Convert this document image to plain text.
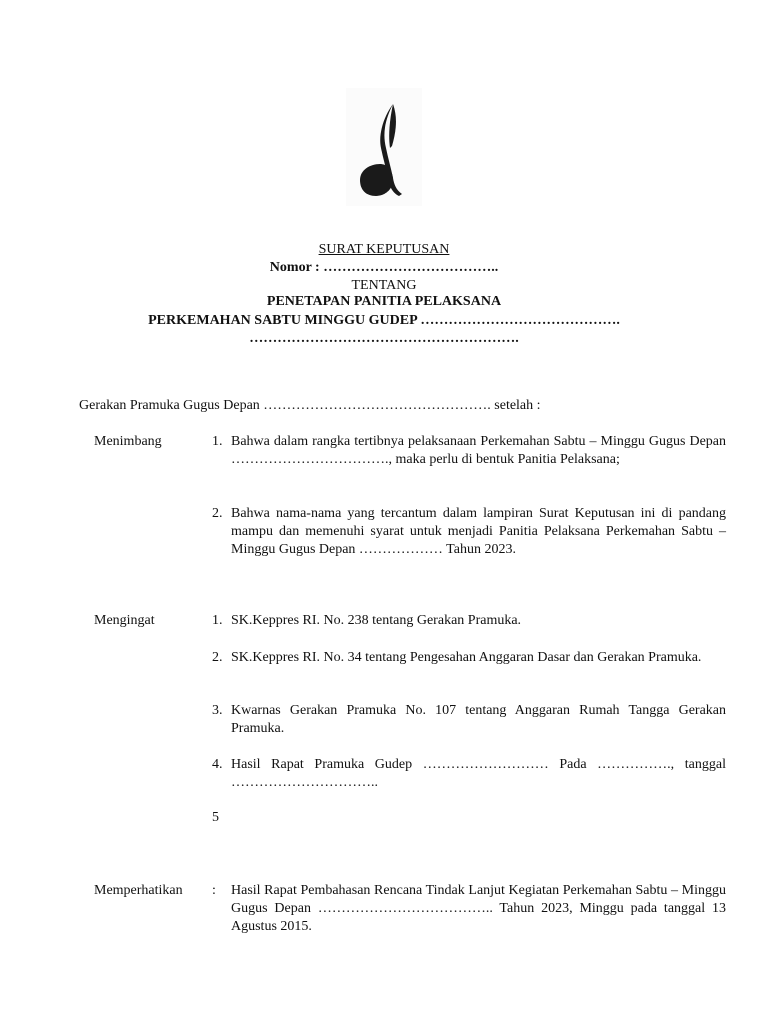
SURAT KEPUTUSAN
Nomor : ………………………………..
TENTANG
PENETAPAN PANITIA PELAKSANA
PERKEMAHAN SABTU MINGGU GUDEP …………………………………….
………………………………………………….
Gerakan Pramuka Gugus Depan …………………………………………. setelah :
Menimbang	1. Bahwa dalam rangka tertibnya pelaksanaan Perkemahan Sabtu – Minggu Gugus Depan ……………………………., maka perlu di bentuk Panitia Pelaksana;
2. Bahwa nama-nama yang tercantum dalam lampiran Surat Keputusan ini di pandang mampu dan memenuhi syarat untuk menjadi Panitia Pelaksana Perkemahan Sabtu – Minggu Gugus Depan ……………… Tahun 2023.
Mengingat	1. SK.Keppres RI. No. 238 tentang Gerakan Pramuka.
2. SK.Keppres RI. No. 34 tentang Pengesahan Anggaran Dasar dan Gerakan Pramuka.
3. Kwarnas Gerakan Pramuka No. 107 tentang Anggaran Rumah Tangga Gerakan Pramuka.
4. Hasil Rapat Pramuka Gudep ……………………… Pada ……………., tanggal …………………………..
5
Memperhatikan : Hasil Rapat Pembahasan Rencana Tindak Lanjut Kegiatan Perkemahan Sabtu – Minggu Gugus Depan ……………………………….. Tahun 2023, Minggu pada tanggal 13 Agustus 2015.
